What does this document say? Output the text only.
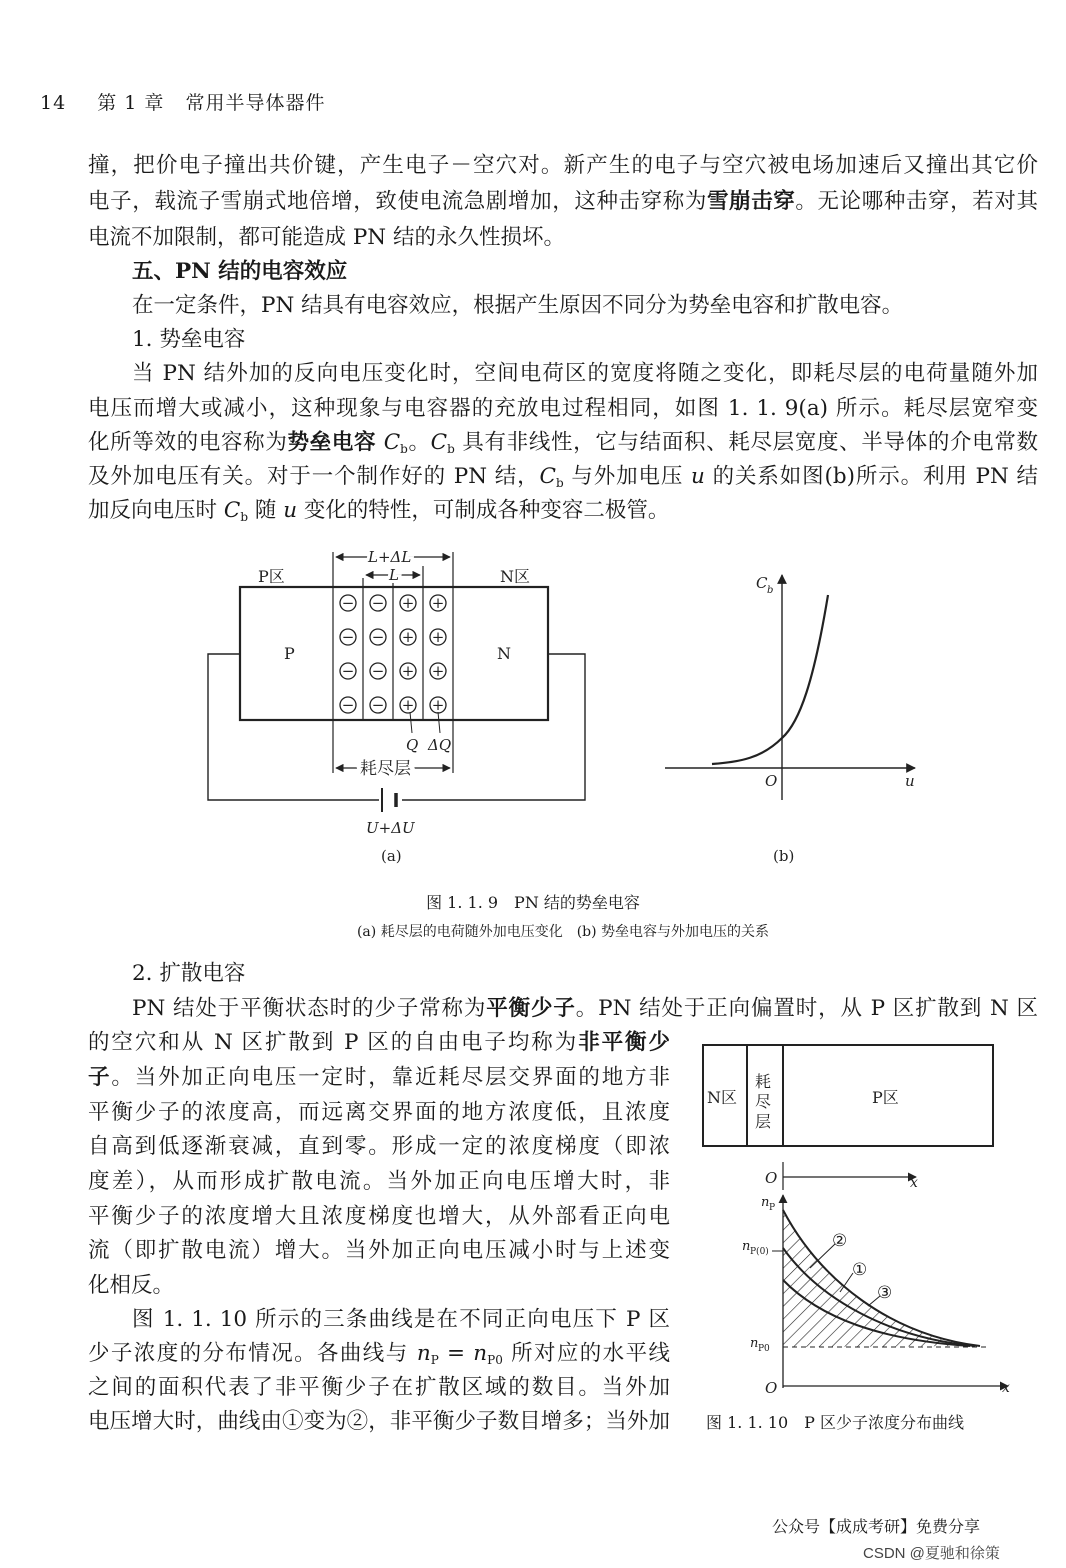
14 第 1 章 常用半导体器件
撞，把价电子撞出共价键，产生电子－空穴对。新产生的电子与空穴被电场加速后又撞出其它价
电子，载流子雪崩式地倍增，致使电流急剧增加，这种击穿称为雪崩击穿。无论哪种击穿，若对其
电流不加限制，都可能造成 PN 结的永久性损坏。
五、PN 结的电容效应
在一定条件，PN 结具有电容效应，根据产生原因不同分为势垒电容和扩散电容。
1. 势垒电容
当 PN 结外加的反向电压变化时，空间电荷区的宽度将随之变化，即耗尽层的电荷量随外加
电压而增大或减小，这种现象与电容器的充放电过程相同，如图 1. 1. 9(a) 所示。耗尽层宽窄变
化所等效的电容称为势垒电容 Cb。Cb 具有非线性，它与结面积、耗尽层宽度、半导体的介电常数
及外加电压有关。对于一个制作好的 PN 结，Cb 与外加电压 u 的关系如图(b)所示。利用 PN 结
加反向电压时 Cb 随 u 变化的特性，可制成各种变容二极管。
− − + +
− − + +
− − + +
− − + +
P区	N区
P	N
L+ΔL
L
Q ΔQ
耗尽层
U+ΔU
(a)
C b
O	u
(b)
图 1. 1. 9　PN 结的势垒电容
(a) 耗尽层的电荷随外加电压变化　(b) 势垒电容与外加电压的关系
2. 扩散电容
PN 结处于平衡状态时的少子常称为平衡少子。PN 结处于正向偏置时，从 P 区扩散到 N 区
的空穴和从 N 区扩散到 P 区的自由电子均称为非平衡少
子。当外加正向电压一定时，靠近耗尽层交界面的地方非
平衡少子的浓度高，而远离交界面的地方浓度低，且浓度
自高到低逐渐衰减，直到零。形成一定的浓度梯度（即浓
度差），从而形成扩散电流。当外加正向电压增大时，非
平衡少子的浓度增大且浓度梯度也增大，从外部看正向电
流（即扩散电流）增大。当外加正向电压减小时与上述变
化相反。
图 1. 1. 10 所示的三条曲线是在不同正向电压下 P 区
少子浓度的分布情况。各曲线与 nP = nP0 所对应的水平线
之间的面积代表了非平衡少子在扩散区域的数目。当外加
电压增大时，曲线由①变为②，非平衡少子数目增多；当外加
N区
耗
尽
层
P区
O	x
n P
n P(0)
n P0
O	x
②
①
③
图 1. 1. 10　P 区少子浓度分布曲线
公众号【成成考研】免费分享
CSDN @夏驰和徐策
